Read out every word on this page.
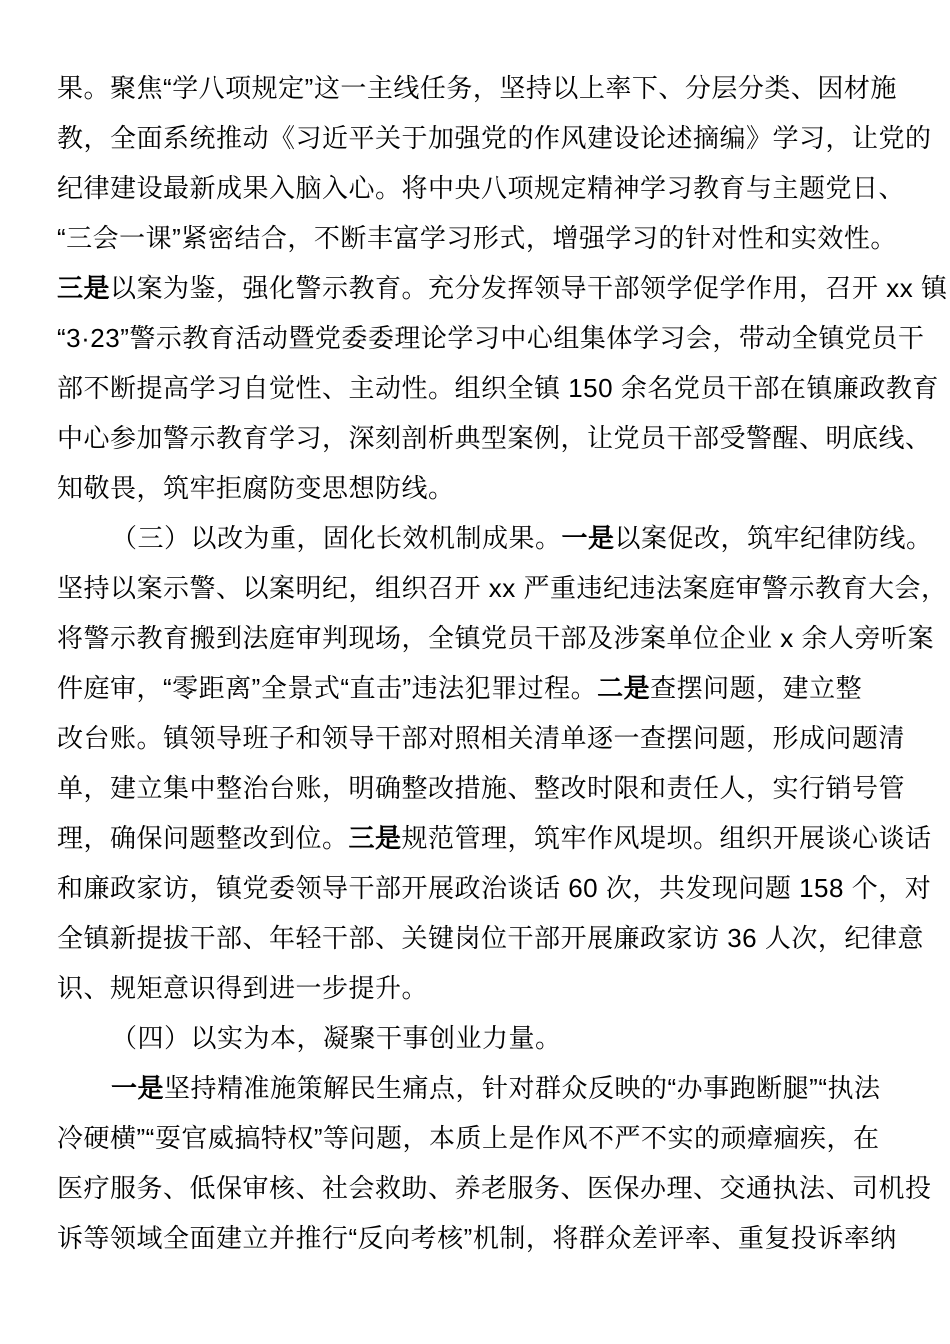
果。聚焦“学八项规定”这一主线任务，坚持以上率下、分层分类、因材施
教，全面系统推动《习近平关于加强党的作风建设论述摘编》学习，让党的
纪律建设最新成果入脑入心。将中央八项规定精神学习教育与主题党日、
“三会一课”紧密结合，不断丰富学习形式，增强学习的针对性和实效性。
三是以案为鉴，强化警示教育。充分发挥领导干部领学促学作用，召开 xx 镇
“3·23”警示教育活动暨党委委理论学习中心组集体学习会，带动全镇党员干
部不断提高学习自觉性、主动性。组织全镇 150 余名党员干部在镇廉政教育
中心参加警示教育学习，深刻剖析典型案例，让党员干部受警醒、明底线、
知敬畏，筑牢拒腐防变思想防线。
（三）以改为重，固化长效机制成果。一是以案促改，筑牢纪律防线。
坚持以案示警、以案明纪，组织召开 xx 严重违纪违法案庭审警示教育大会，
将警示教育搬到法庭审判现场，全镇党员干部及涉案单位企业 x 余人旁听案
件庭审，“零距离”全景式“直击”违法犯罪过程。二是查摆问题，建立整
改台账。镇领导班子和领导干部对照相关清单逐一查摆问题，形成问题清
单，建立集中整治台账，明确整改措施、整改时限和责任人，实行销号管
理，确保问题整改到位。三是规范管理，筑牢作风堤坝。组织开展谈心谈话
和廉政家访，镇党委领导干部开展政治谈话 60 次，共发现问题 158 个，对
全镇新提拔干部、年轻干部、关键岗位干部开展廉政家访 36 人次，纪律意
识、规矩意识得到进一步提升。
（四）以实为本，凝聚干事创业力量。
一是坚持精准施策解民生痛点，针对群众反映的“办事跑断腿”“执法
冷硬横”“耍官威搞特权”等问题，本质上是作风不严不实的顽瘴痼疾，在
医疗服务、低保审核、社会救助、养老服务、医保办理、交通执法、司机投
诉等领域全面建立并推行“反向考核”机制，将群众差评率、重复投诉率纳
